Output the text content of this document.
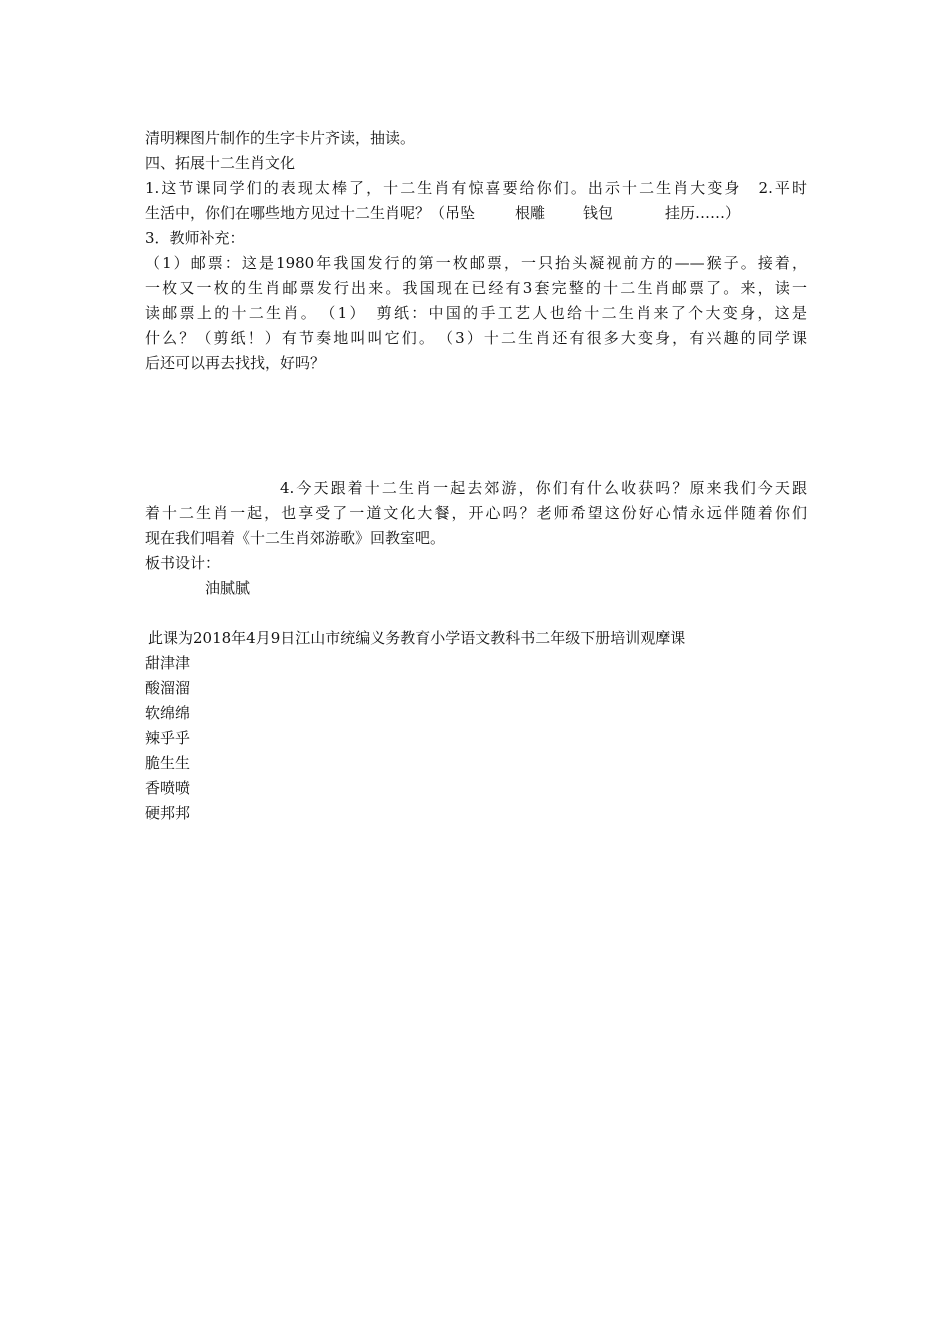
清明粿图片制作的生字卡片齐读，抽读。
四、拓展十二生肖文化
1.这节课同学们的表现太棒了，十二生肖有惊喜要给你们。出示十二生肖大变身　2.平时
生活中，你们在哪些地方见过十二生肖呢？（吊坠	根雕	钱包	挂历……）
3．教师补充：
（1）邮票：这是1980年我国发行的第一枚邮票，一只抬头凝视前方的——猴子。接着，
一枚又一枚的生肖邮票发行出来。我国现在已经有3套完整的十二生肖邮票了。来，读一
读邮票上的十二生肖。　（1）　剪纸：中国的手工艺人也给十二生肖来了个大变身，这是
什么？（剪纸！）有节奏地叫叫它们。　（3）十二生肖还有很多大变身，有兴趣的同学课
后还可以再去找找，好吗？
4.今天跟着十二生肖一起去郊游，你们有什么收获吗？原来我们今天跟
着十二生肖一起，也享受了一道文化大餐，开心吗？老师希望这份好心情永远伴随着你们
现在我们唱着《十二生肖郊游歌》回教室吧。
板书设计：
油腻腻
此课为2018年4月9日江山市统编义务教育小学语文教科书二年级下册培训观摩课
甜津津
酸溜溜
软绵绵
辣乎乎
脆生生
香喷喷
硬邦邦
